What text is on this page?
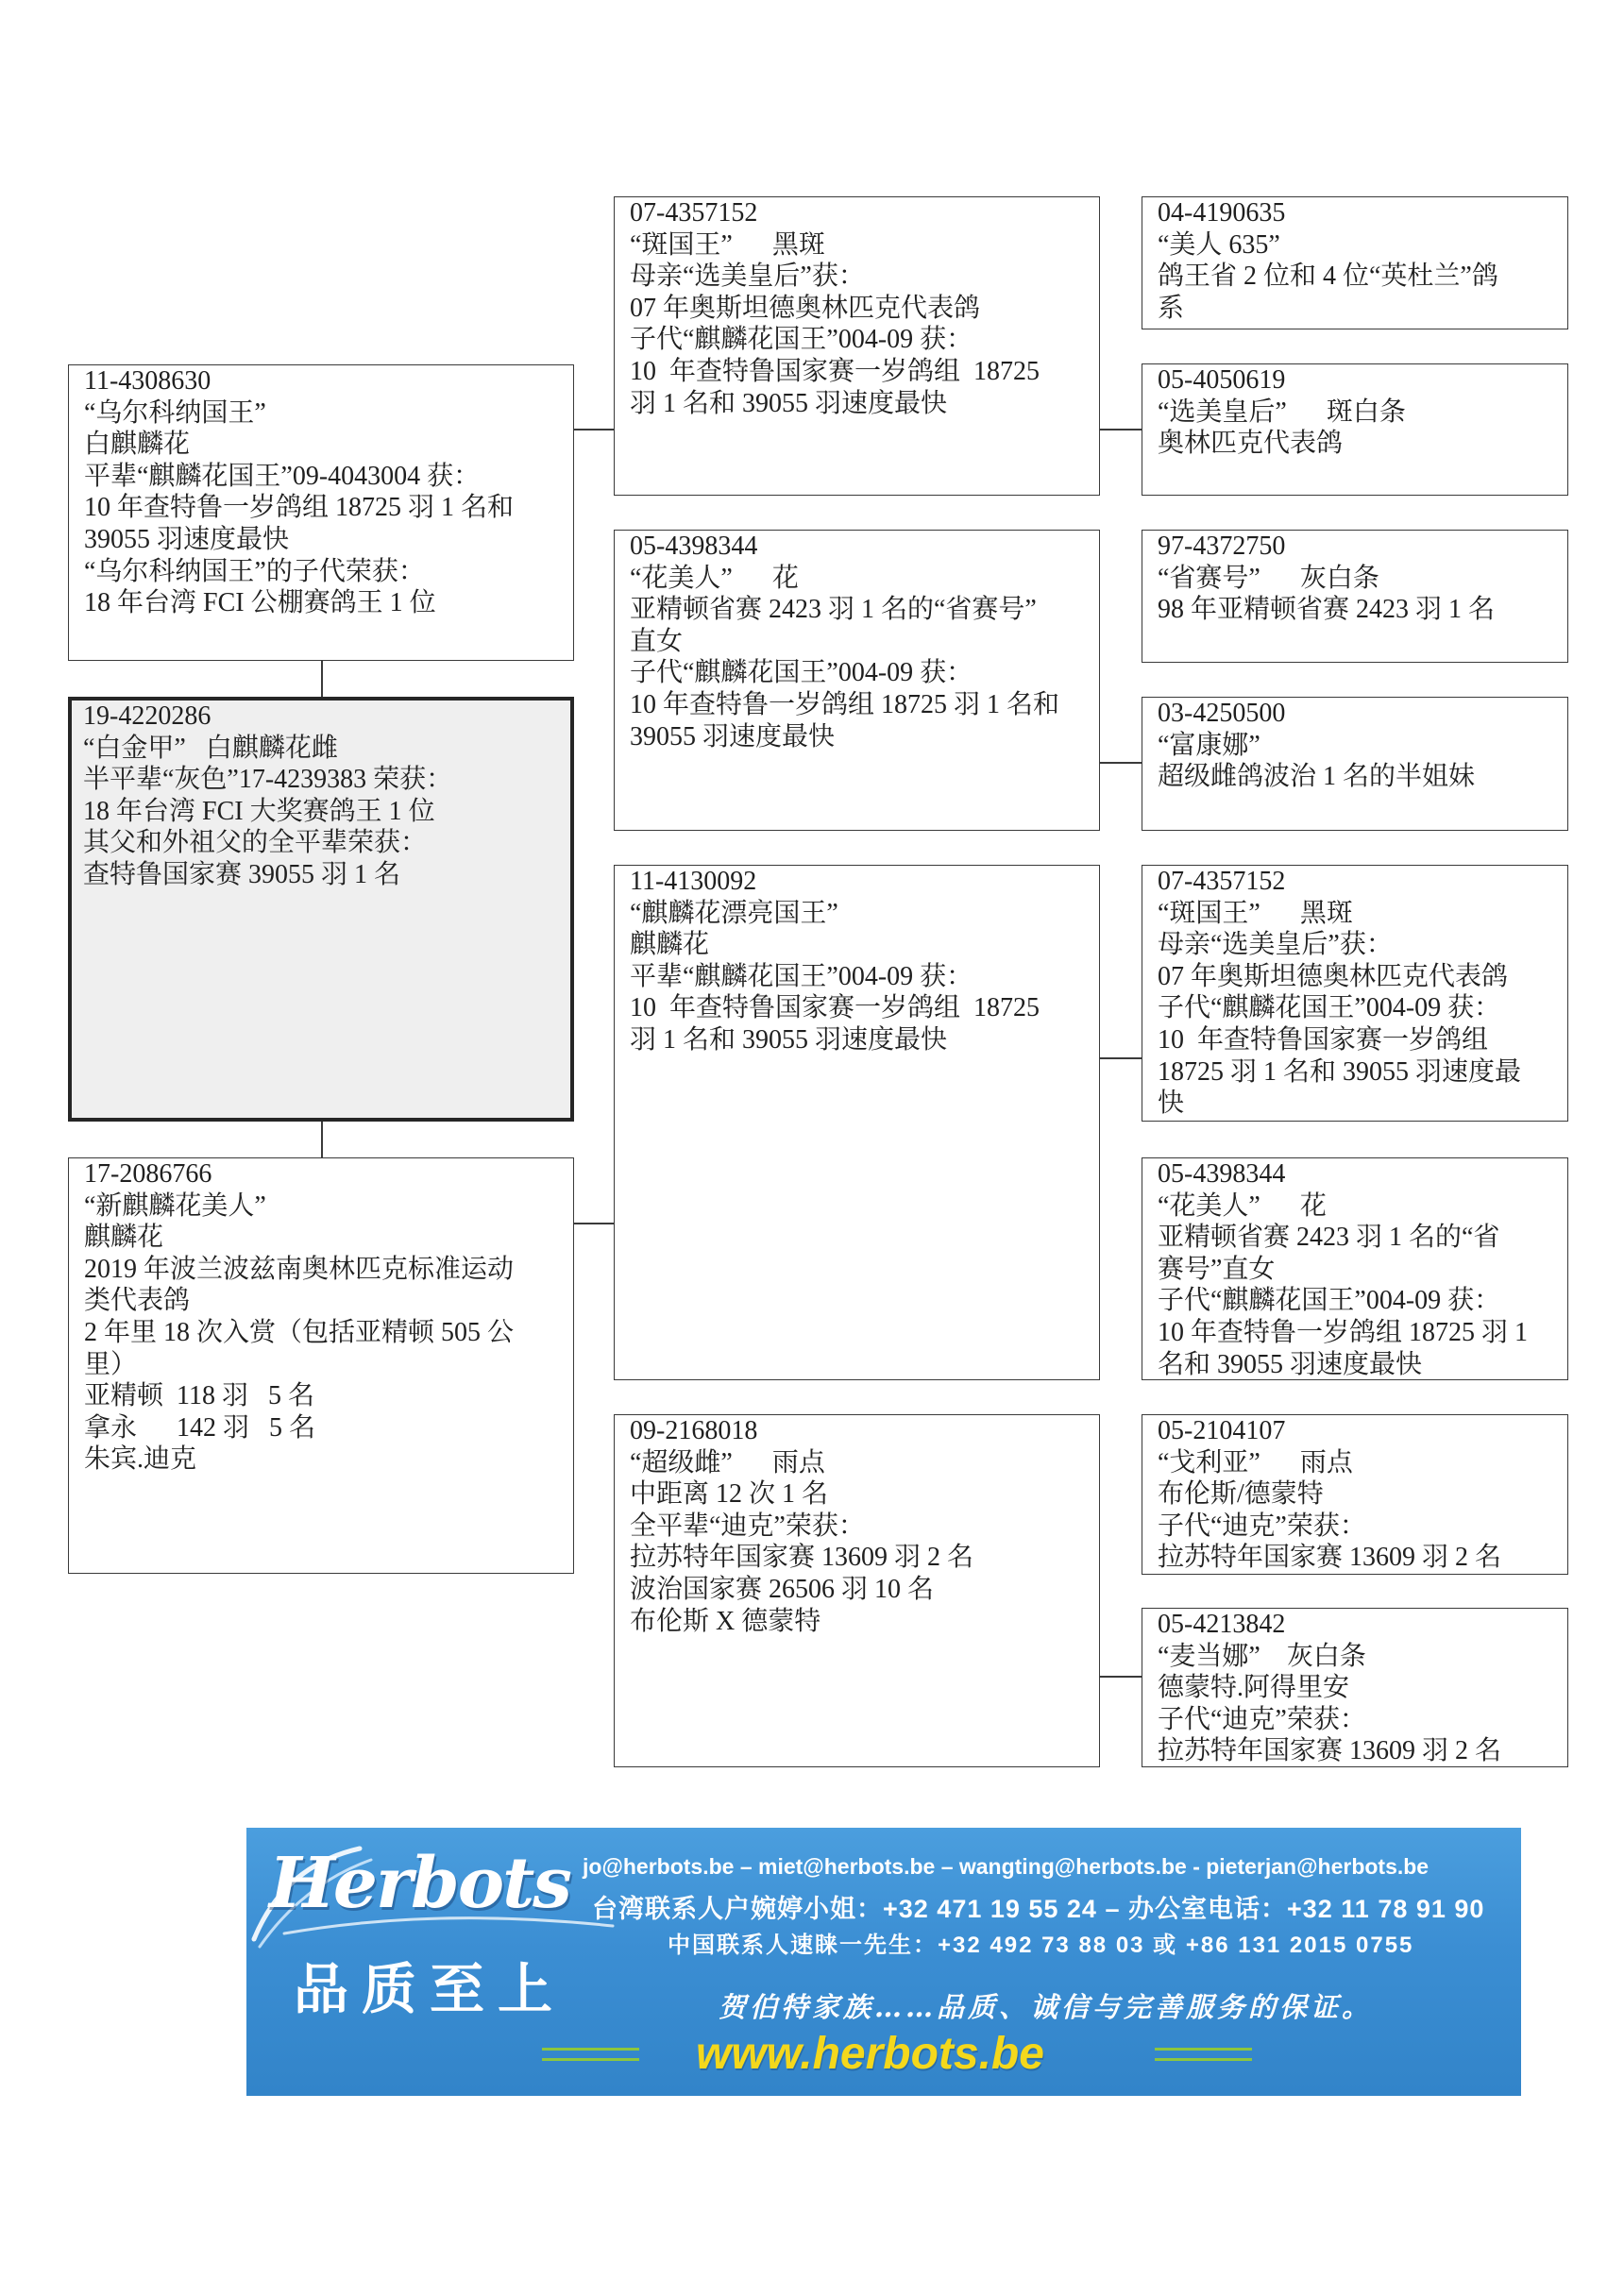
11-4308630
“乌尔科纳国王”
白麒麟花
平辈“麒麟花国王”09-4043004 获：
10 年查特鲁一岁鸽组 18725 羽 1 名和
39055 羽速度最快
“乌尔科纳国王”的子代荣获：
18 年台湾 FCI 公棚赛鸽王 1 位
19-4220286
“白金甲”   白麒麟花雌
半平辈“灰色”17-4239383 荣获：
18 年台湾 FCI 大奖赛鸽王 1 位
其父和外祖父的全平辈荣获：
查特鲁国家赛 39055 羽 1 名
17-2086766
“新麒麟花美人”
麒麟花
2019 年波兰波兹南奥林匹克标准运动
类代表鸽
2 年里 18 次入赏（包括亚精顿 505 公
里）
亚精顿  118 羽   5 名
拿永      142 羽   5 名
朱宾.迪克
07-4357152
“斑国王”      黑斑
母亲“选美皇后”获：
07 年奥斯坦德奥林匹克代表鸽
子代“麒麟花国王”004-09 获：
10  年查特鲁国家赛一岁鸽组  18725
羽 1 名和 39055 羽速度最快
05-4398344
“花美人”      花
亚精顿省赛 2423 羽 1 名的“省赛号”
直女
子代“麒麟花国王”004-09 获：
10 年查特鲁一岁鸽组 18725 羽 1 名和
39055 羽速度最快
11-4130092
“麒麟花漂亮国王”
麒麟花
平辈“麒麟花国王”004-09 获：
10  年查特鲁国家赛一岁鸽组  18725
羽 1 名和 39055 羽速度最快
09-2168018
“超级雌”      雨点
中距离 12 次 1 名
全平辈“迪克”荣获：
拉苏特年国家赛 13609 羽 2 名
波治国家赛 26506 羽 10 名
布伦斯 X 德蒙特
04-4190635
“美人 635”
鸽王省 2 位和 4 位“英杜兰”鸽
系
05-4050619
“选美皇后”      斑白条
奥林匹克代表鸽
97-4372750
“省赛号”      灰白条
98 年亚精顿省赛 2423 羽 1 名
03-4250500
“富康娜”
超级雌鸽波治 1 名的半姐妹
07-4357152
“斑国王”      黑斑
母亲“选美皇后”获：
07 年奥斯坦德奥林匹克代表鸽
子代“麒麟花国王”004-09 获：
10  年查特鲁国家赛一岁鸽组
18725 羽 1 名和 39055 羽速度最
快
05-4398344
“花美人”      花
亚精顿省赛 2423 羽 1 名的“省
赛号”直女
子代“麒麟花国王”004-09 获：
10 年查特鲁一岁鸽组 18725 羽 1
名和 39055 羽速度最快
05-2104107
“戈利亚”      雨点
布伦斯/德蒙特
子代“迪克”荣获：
拉苏特年国家赛 13609 羽 2 名
05-4213842
“麦当娜”    灰白条
德蒙特.阿得里安
子代“迪克”荣获：
拉苏特年国家赛 13609 羽 2 名
Herbots
品质至上
jo@herbots.be – miet@herbots.be – wangting@herbots.be - pieterjan@herbots.be
台湾联系人户婉婷小姐：+32 471 19 55 24 – 办公室电话：+32 11 78 91 90
中国联系人速睐一先生：+32 492 73 88 03 或 +86 131 2015 0755
贺伯特家族……品质、诚信与完善服务的保证。
www.herbots.be
